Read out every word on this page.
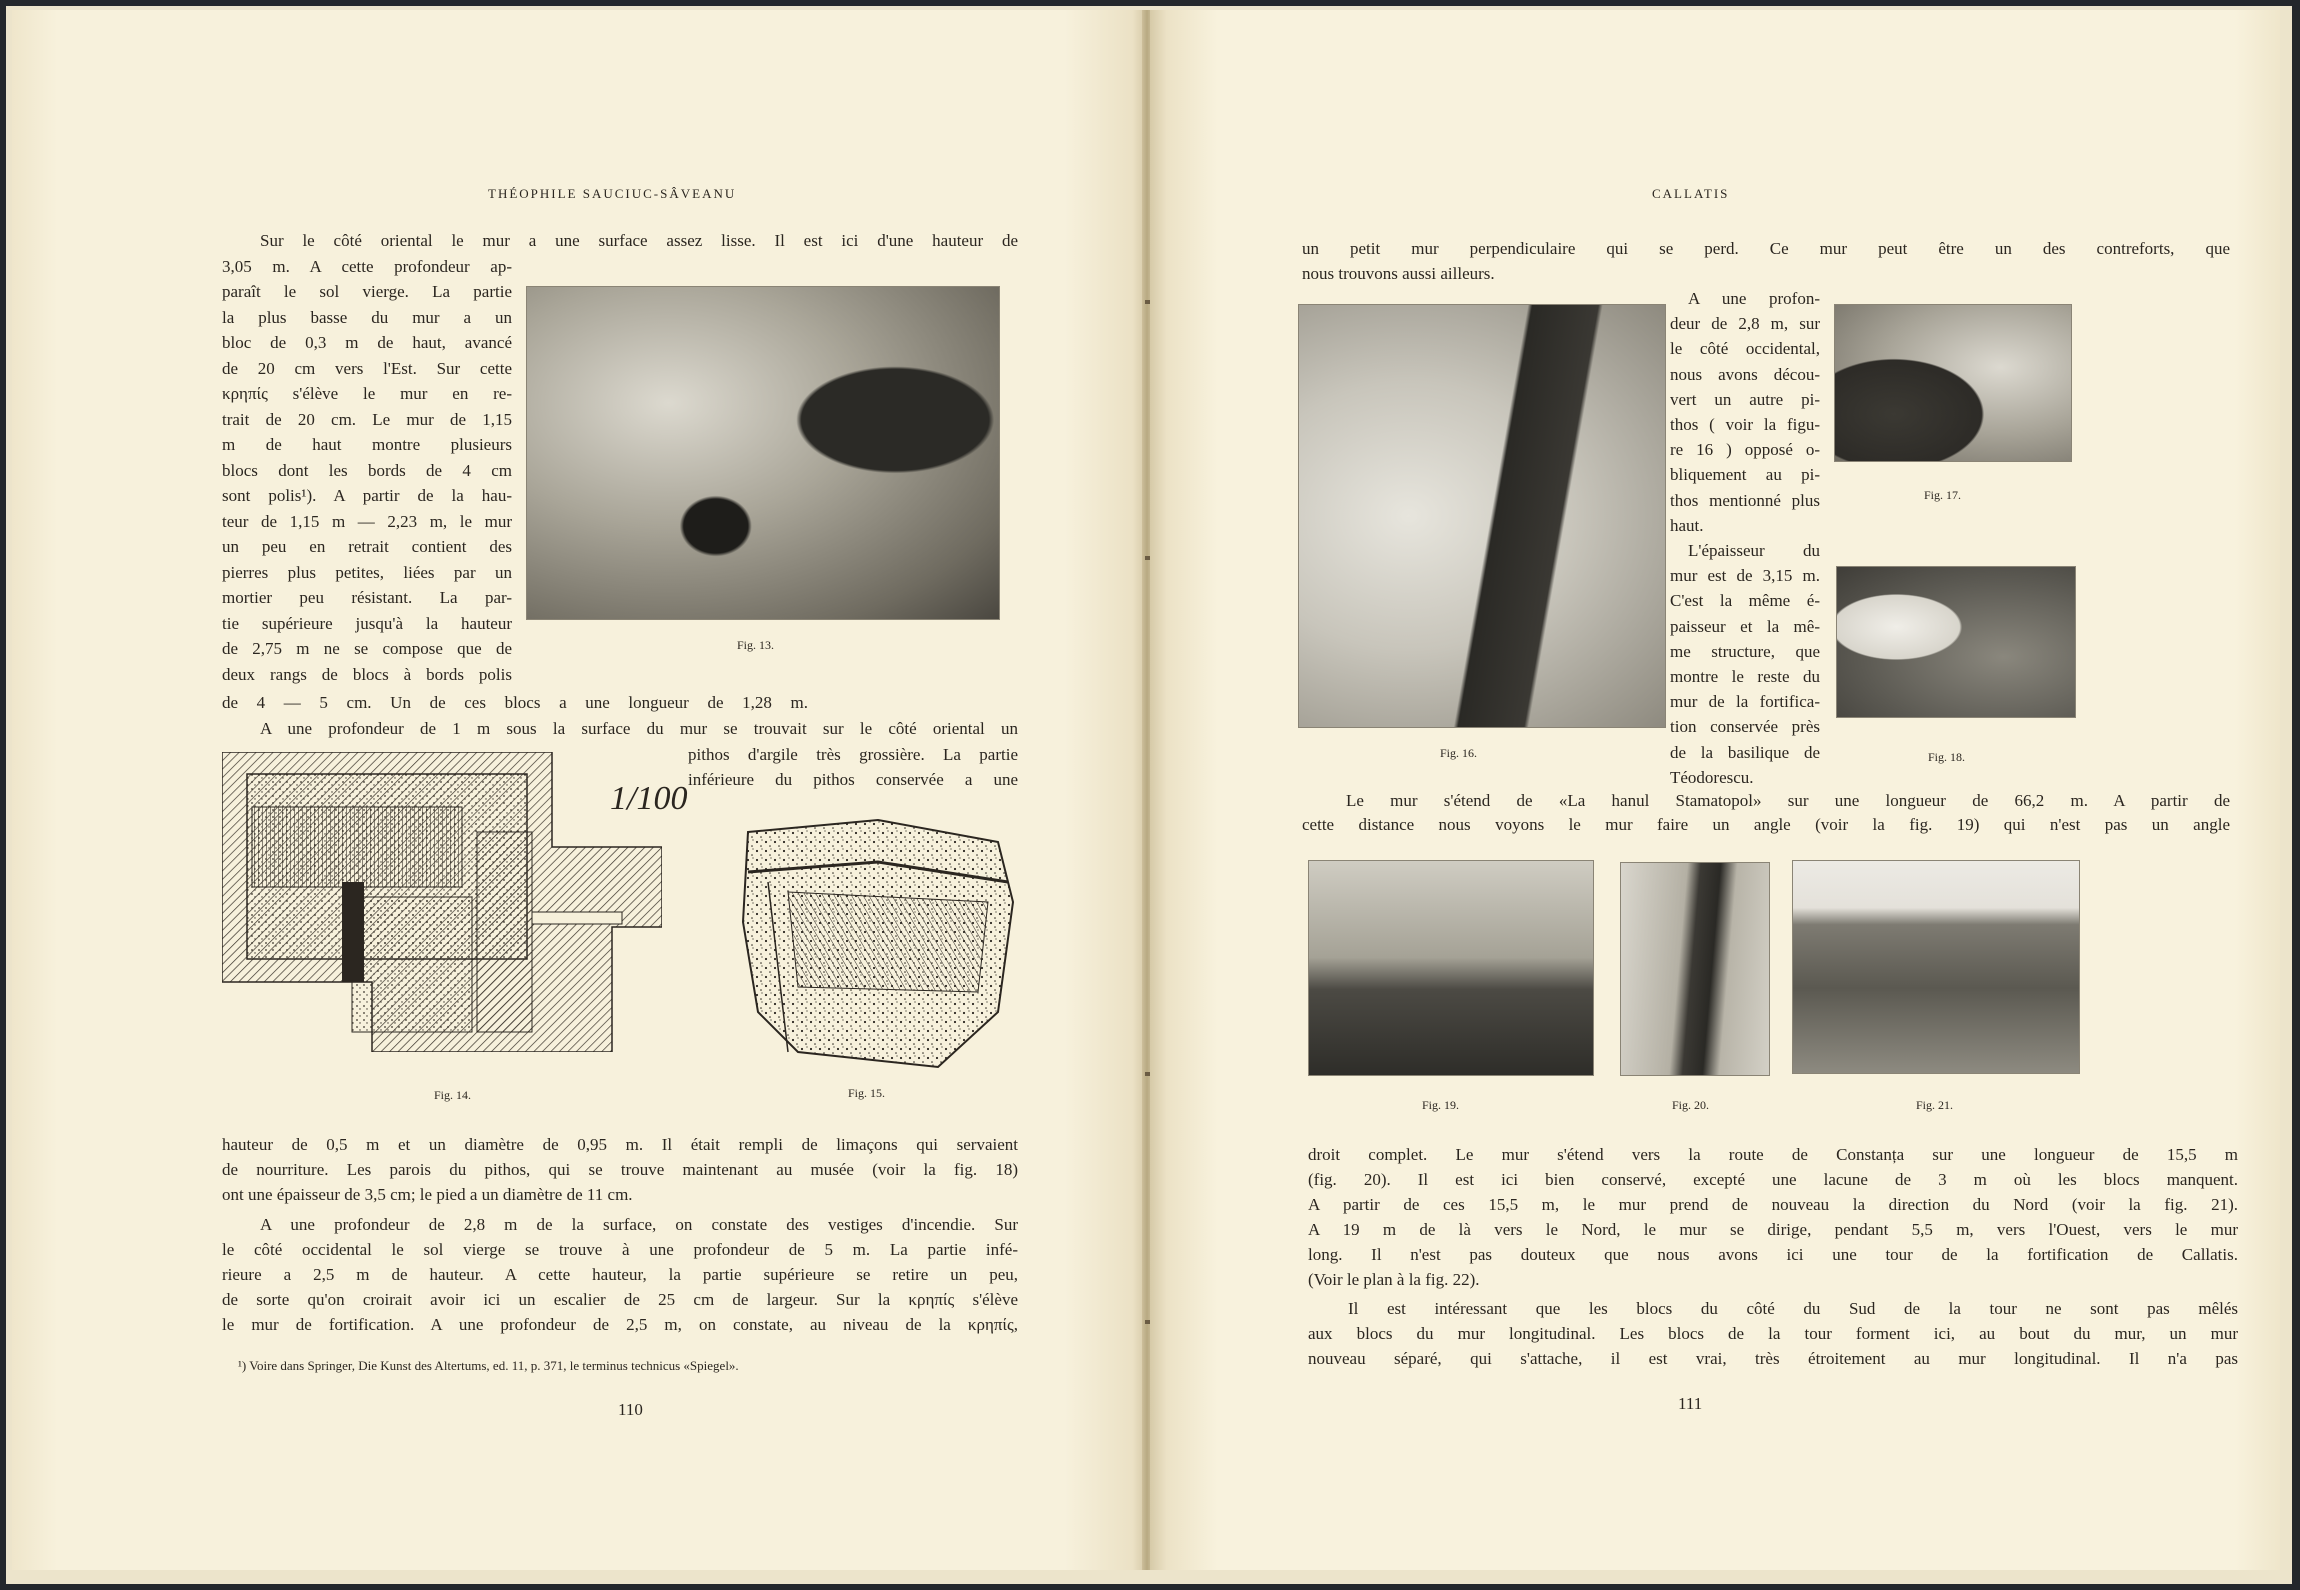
THÉOPHILE SAUCIUC-SÂVEANU
Fig. 13.
Fig. 14.
1/100
Fig. 15.
¹) Voire dans Springer, Die Kunst des Altertums, ed. 11, p. 371, le terminus technicus «Spiegel».
110
Sur le côté oriental le mur a une surface assez lisse. Il est ici d'une hauteur de
3,05 m. A cette profondeur ap-
paraît le sol vierge. La partie
la plus basse du mur a un
bloc de 0,3 m de haut, avancé
de 20 cm vers l'Est. Sur cette
κρηπίς s'élève le mur en re-
trait de 20 cm. Le mur de 1,15
m de haut montre plusieurs
blocs dont les bords de 4 cm
sont polis¹). A partir de la hau-
teur de 1,15 m — 2,23 m, le mur
un peu en retrait contient des
pierres plus petites, liées par un
mortier peu résistant. La par-
tie supérieure jusqu'à la hauteur
de 2,75 m ne se compose que de
deux rangs de blocs à bords polis
de 4 — 5 cm. Un de ces blocs a une longueur de 1,28 m.
A une profondeur de 1 m sous la surface du mur se trouvait sur le côté oriental un
pithos d'argile très grossière. La partie
inférieure du pithos conservée a une
hauteur de 0,5 m et un diamètre de 0,95 m. Il était rempli de limaçons qui servaient
de nourriture. Les parois du pithos, qui se trouve maintenant au musée (voir la fig. 18)
ont une épaisseur de 3,5 cm; le pied a un diamètre de 11 cm.
A une profondeur de 2,8 m de la surface, on constate des vestiges d'incendie. Sur
le côté occidental le sol vierge se trouve à une profondeur de 5 m. La partie infé-
rieure a 2,5 m de hauteur. A cette hauteur, la partie supérieure se retire un peu,
de sorte qu'on croirait avoir ici un escalier de 25 cm de largeur. Sur la κρηπίς s'élève
le mur de fortification. A une profondeur de 2,5 m, on constate, au niveau de la κρηπίς,
CALLATIS
Fig. 16.
Fig. 17.
Fig. 18.
Fig. 19.	Fig. 20.	Fig. 21.
111
un petit mur perpendiculaire qui se perd. Ce mur peut être un des contreforts, que
nous trouvons aussi ailleurs.
A une profon-
deur de 2,8 m, sur
le côté occidental,
nous avons décou-
vert un autre pi-
thos ( voir la figu-
re 16 ) opposé o-
bliquement au pi-
thos mentionné plus
haut.
L'épaisseur du
mur est de 3,15 m.
C'est la même é-
paisseur et la mê-
me structure, que
montre le reste du
mur de la fortifica-
tion conservée près
de la basilique de
Téodorescu.
Le mur s'étend de «La hanul Stamatopol» sur une longueur de 66,2 m. A partir de
cette distance nous voyons le mur faire un angle (voir la fig. 19) qui n'est pas un angle
droit complet. Le mur s'étend vers la route de Constanța sur une longueur de 15,5 m
(fig. 20). Il est ici bien conservé, excepté une lacune de 3 m où les blocs manquent.
A partir de ces 15,5 m, le mur prend de nouveau la direction du Nord (voir la fig. 21).
A 19 m de là vers le Nord, le mur se dirige, pendant 5,5 m, vers l'Ouest, vers le mur
long. Il n'est pas douteux que nous avons ici une tour de la fortification de Callatis.
(Voir le plan à la fig. 22).
Il est intéressant que les blocs du côté du Sud de la tour ne sont pas mêlés
aux blocs du mur longitudinal. Les blocs de la tour forment ici, au bout du mur, un mur
nouveau séparé, qui s'attache, il est vrai, très étroitement au mur longitudinal. Il n'a pas
